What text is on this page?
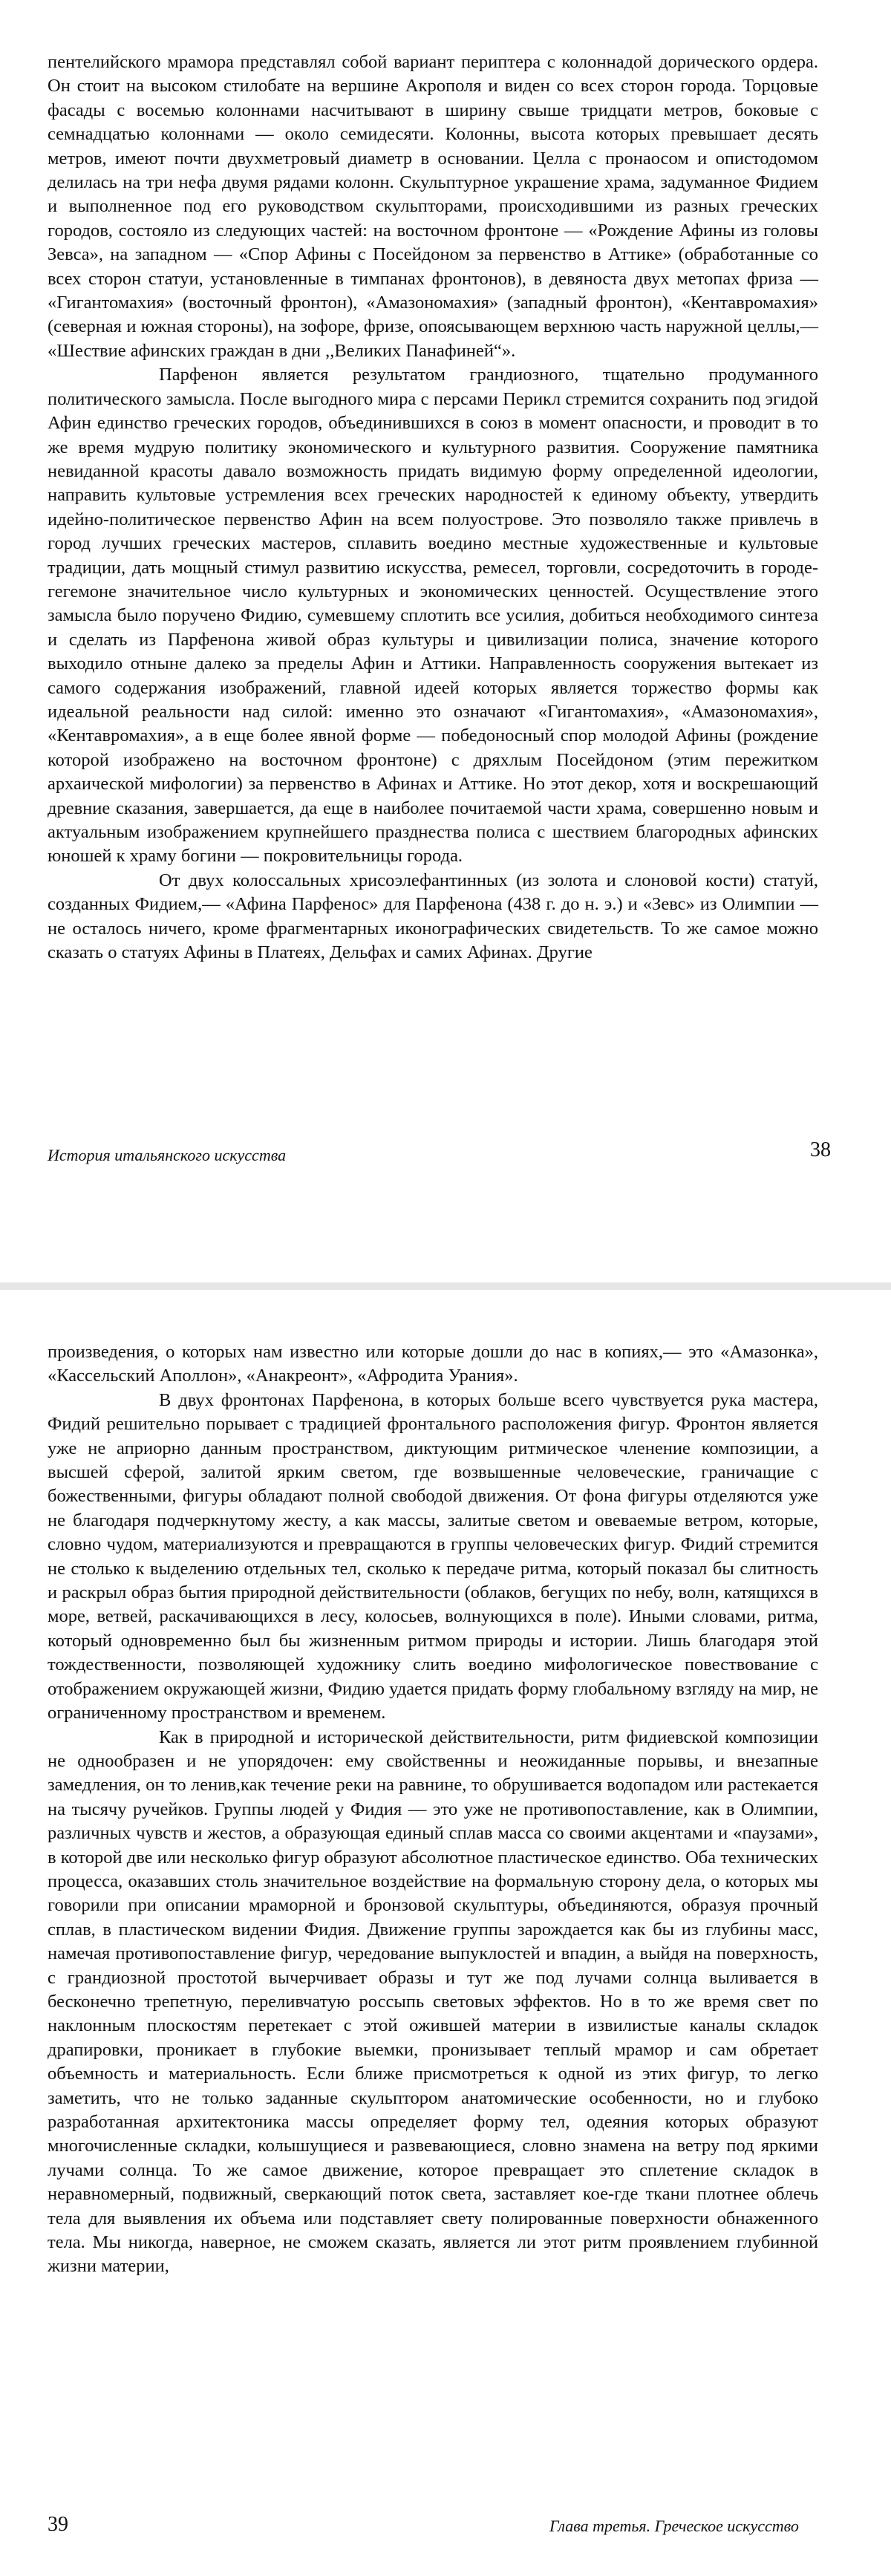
пентелийского мрамора представлял собой вариант периптера с колоннадой дорического ордера. Он стоит на высоком стилобате на вершине Акрополя и виден со всех сторон города. Торцовые фасады с восемью колоннами насчитывают в ширину свыше тридцати метров, боковые с семнадцатью колоннами — около семидесяти. Колонны, высота которых превышает десять метров, имеют почти двухметровый диаметр в основании. Целла с пронаосом и опистодомом делилась на три нефа двумя рядами колонн. Скульптурное украшение храма, задуманное Фидием и выполненное под его руководством скульпторами, происходившими из разных греческих городов, состояло из следующих частей: на восточном фронтоне — «Рождение Афины из головы Зевса», на западном — «Спор Афины с Посейдоном за первенство в Аттике» (обработанные со всех сторон статуи, установленные в тимпанах фронтонов), в девяноста двух метопах фриза — «Гигантомахия» (восточный фронтон), «Амазономахия» (западный фронтон), «Кентавромахия» (северная и южная стороны), на зофоре, фризе, опоясывающем верхнюю часть наружной целлы,— «Шествие афинских граждан в дни ,,Великих Панафиней“».

Парфенон является результатом грандиозного, тщательно продуманного политического замысла. После выгодного мира с персами Перикл стремится сохранить под эгидой Афин единство греческих городов, объединившихся в союз в момент опасности, и проводит в то же время мудрую политику экономического и культурного развития. Сооружение памятника невиданной красоты давало возможность придать видимую форму определенной идеологии, направить культовые устремления всех греческих народностей к единому объекту, утвердить идейно-политическое первенство Афин на всем полуострове. Это позволяло также привлечь в город лучших греческих мастеров, сплавить воедино местные художественные и культовые традиции, дать мощный стимул развитию искусства, ремесел, торговли, сосредоточить в городе-гегемоне значительное число культурных и экономических ценностей. Осуществление этого замысла было поручено Фидию, сумевшему сплотить все усилия, добиться необходимого синтеза и сделать из Парфенона живой образ культуры и цивилизации полиса, значение которого выходило отныне далеко за пределы Афин и Аттики. Направленность сооружения вытекает из самого содержания изображений, главной идеей которых является торжество формы как идеальной реальности над силой: именно это означают «Гигантомахия», «Амазономахия», «Кентавромахия», а в еще более явной форме — победоносный спор молодой Афины (рождение которой изображено на восточном фронтоне) с дряхлым Посейдоном (этим пережитком архаической мифологии) за первенство в Афинах и Аттике. Но этот декор, хотя и воскрешающий древние сказания, завершается, да еще в наиболее почитаемой части храма, совершенно новым и актуальным изображением крупнейшего празднества полиса с шествием благородных афинских юношей к храму богини — покровительницы города.

От двух колоссальных хрисоэлефантинных (из золота и слоновой кости) статуй, созданных Фидием,— «Афина Парфенос» для Парфенона (438 г. до н. э.) и «Зевс» из Олимпии — не осталось ничего, кроме фрагментарных иконографических свидетельств. То же самое можно сказать о статуях Афины в Платеях, Дельфах и самих Афинах. Другие

История итальянского искусства	38

произведения, о которых нам известно или которые дошли до нас в копиях,— это «Амазонка», «Кассельский Аполлон», «Анакреонт», «Афродита Урания».

В двух фронтонах Парфенона, в которых больше всего чувствуется рука мастера, Фидий решительно порывает с традицией фронтального расположения фигур. Фронтон является уже не априорно данным пространством, диктующим ритмическое членение композиции, а высшей сферой, залитой ярким светом, где возвышенные человеческие, граничащие с божественными, фигуры обладают полной свободой движения. От фона фигуры отделяются уже не благодаря подчеркнутому жесту, а как массы, залитые светом и овеваемые ветром, которые, словно чудом, материализуются и превращаются в группы человеческих фигур. Фидий стремится не столько к выделению отдельных тел, сколько к передаче ритма, который показал бы слитность и раскрыл образ бытия природной действительности (облаков, бегущих по небу, волн, катящихся в море, ветвей, раскачивающихся в лесу, колосьев, волнующихся в поле). Иными словами, ритма, который одновременно был бы жизненным ритмом природы и истории. Лишь благодаря этой тождественности, позволяющей художнику слить воедино мифологическое повествование с отображением окружающей жизни, Фидию удается придать форму глобальному взгляду на мир, не ограниченному пространством и временем.

Как в природной и исторической действительности, ритм фидиевской композиции не однообразен и не упорядочен: ему свойственны и неожиданные порывы, и внезапные замедления, он то ленив,как течение реки на равнине, то обрушивается водопадом или растекается на тысячу ручейков. Группы людей у Фидия — это уже не противопоставление, как в Олимпии, различных чувств и жестов, а образующая единый сплав масса со своими акцентами и «паузами», в которой две или несколько фигур образуют абсолютное пластическое единство. Оба технических процесса, оказавших столь значительное воздействие на формальную сторону дела, о которых мы говорили при описании мраморной и бронзовой скульптуры, объединяются, образуя прочный сплав, в пластическом видении Фидия. Движение группы зарождается как бы из глубины масс, намечая противопоставление фигур, чередование выпуклостей и впадин, а выйдя на поверхность, с грандиозной простотой вычерчивает образы и тут же под лучами солнца выливается в бесконечно трепетную, переливчатую россыпь световых эффектов. Но в то же время свет по наклонным плоскостям перетекает с этой ожившей материи в извилистые каналы складок драпировки, проникает в глубокие выемки, пронизывает теплый мрамор и сам обретает объемность и материальность. Если ближе присмотреться к одной из этих фигур, то легко заметить, что не только заданные скульптором анатомические особенности, но и глубоко разработанная архитектоника массы определяет форму тел, одеяния которых образуют многочисленные складки, колышущиеся и развевающиеся, словно знамена на ветру под яркими лучами солнца. То же самое движение, которое превращает это сплетение складок в неравномерный, подвижный, сверкающий поток света, заставляет кое-где ткани плотнее облечь тела для выявления их объема или подставляет свету полированные поверхности обнаженного тела. Мы никогда, наверное, не сможем сказать, является ли этот ритм проявлением глубинной жизни материи,

39	Глава третья. Греческое искусство
